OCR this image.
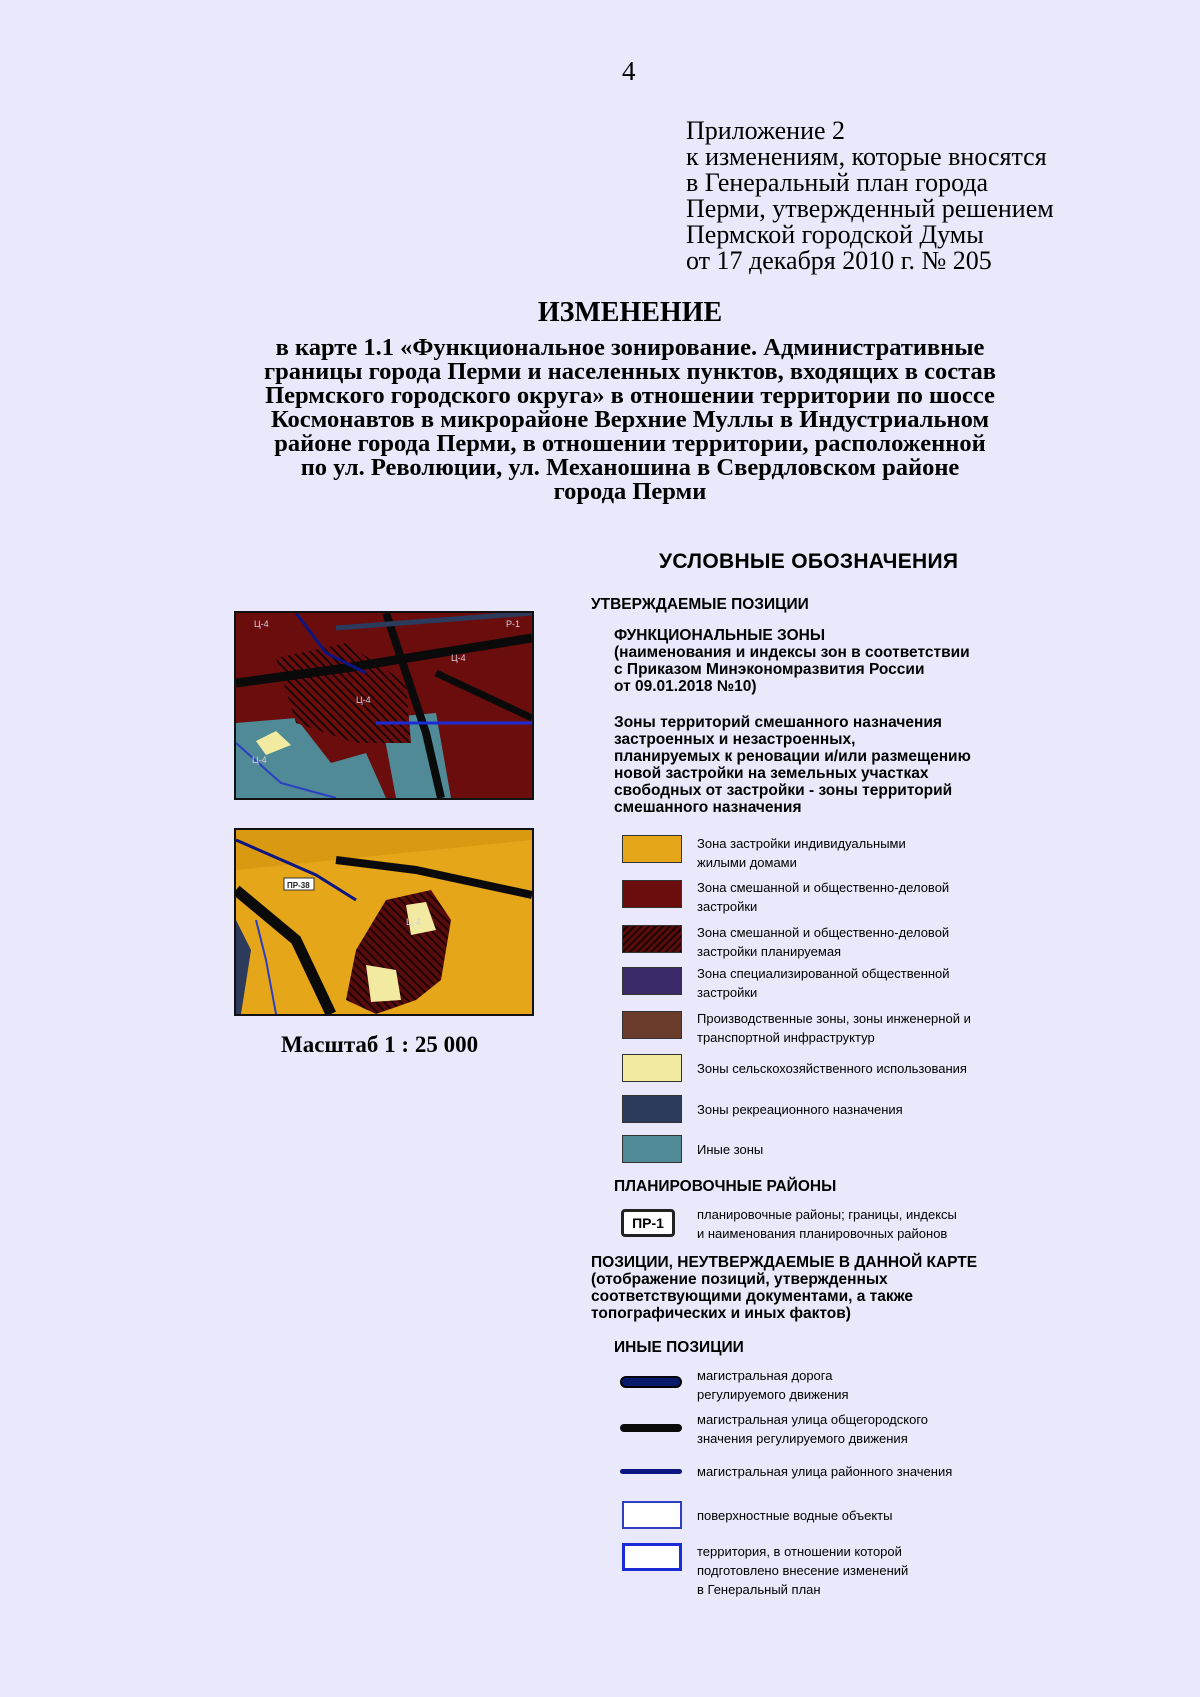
4
Приложение 2
к изменениям, которые вносятся
в Генеральный план города
Перми, утвержденный решением
Пермской городской Думы
от 17 декабря 2010 г. № 205
ИЗМЕНЕНИЕ
в карте 1.1 «Функциональное зонирование. Административные
границы города Перми и населенных пунктов, входящих в состав
Пермского городского округа» в отношении территории по шоссе
Космонавтов в микрорайоне Верхние Муллы в Индустриальном
районе города Перми, в отношении территории, расположенной
по ул. Революции, ул. Механошина в Свердловском районе
города Перми
Ц-4
Ц-4
Ц-4
Ц-4
Р-1
ПР-38
Ц-4
Масштаб 1 : 25 000
УСЛОВНЫЕ ОБОЗНАЧЕНИЯ
УТВЕРЖДАЕМЫЕ ПОЗИЦИИ
ФУНКЦИОНАЛЬНЫЕ ЗОНЫ
(наименования и индексы зон в соответствии
с Приказом Минэкономразвития России
от 09.01.2018 №10)
Зоны территорий смешанного назначения
застроенных и незастроенных,
планируемых к реновации и/или размещению
новой застройки на земельных участках
свободных от застройки - зоны территорий
смешанного назначения
Зона застройки индивидуальными
жилыми домами
Зона смешанной и общественно-деловой
застройки
Зона смешанной и общественно-деловой
застройки планируемая
Зона специализированной общественной
застройки
Производственные зоны, зоны инженерной и
транспортной инфраструктур
Зоны сельскохозяйственного использования
Зоны рекреационного назначения
Иные зоны
ПЛАНИРОВОЧНЫЕ РАЙОНЫ
ПР-1
планировочные районы; границы, индексы
и наименования планировочных районов
ПОЗИЦИИ, НЕУТВЕРЖДАЕМЫЕ В ДАННОЙ КАРТЕ
(отображение позиций, утвержденных
соответствующими документами, а также
топографических и иных фактов)
ИНЫЕ ПОЗИЦИИ
магистральная дорога
регулируемого движения
магистральная улица общегородского
значения регулируемого движения
магистральная улица районного значения
поверхностные водные объекты
территория, в отношении которой
подготовлено внесение изменений
в Генеральный план
